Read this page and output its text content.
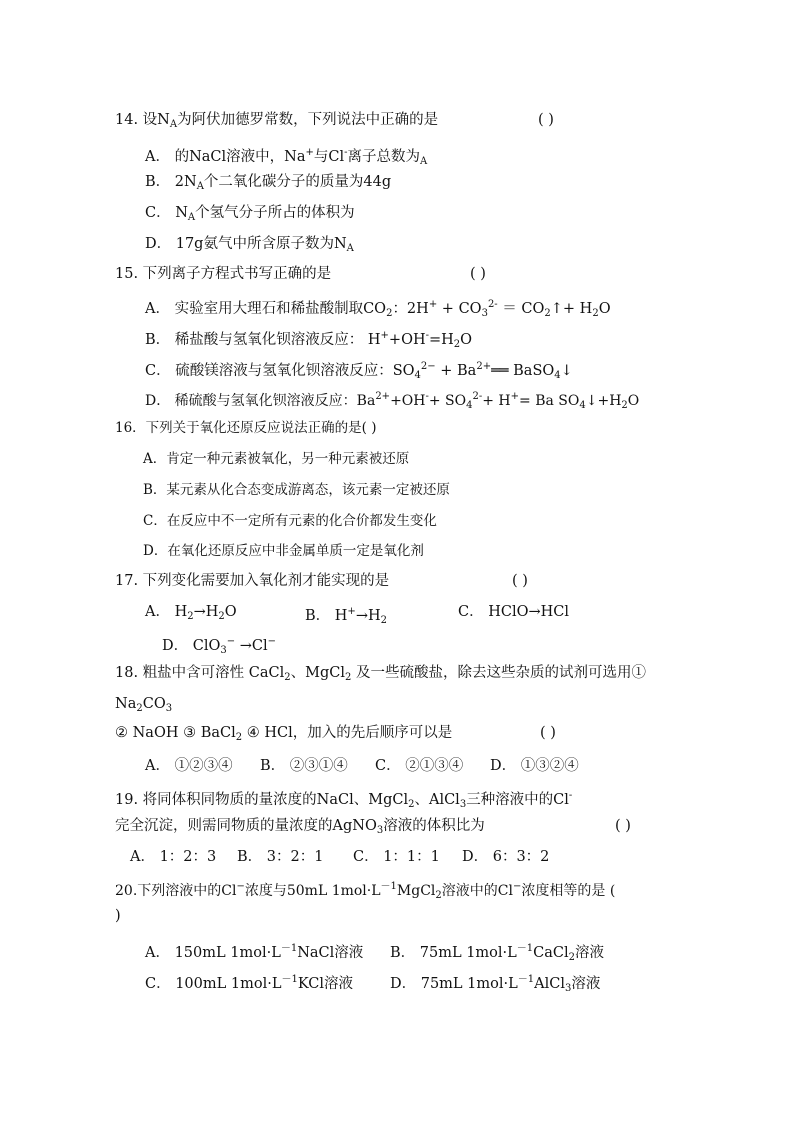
14. 设$N_A$为阿伏加德罗常数，下列说法中正确的是	( )
A． 的NaCl溶液中，Na+与Cl-离子总数为$_A$
B． $2N_A$个二氧化碳分子的质量为44g
C． $N_A$个氢气分子所占的体积为
D． 17g氨气中所含原子数为$N_A$
15. 下列离子方程式书写正确的是	( )
A． 实验室用大理石和稀盐酸制取$CO_2$：$2H^+ + CO_3^{2-}$ ＝ $CO_2↑+ H_2O$
B． 稀盐酸与氢氧化钡溶液反应： $H^++OH^-=H_2O$
C． 硫酸镁溶液与氢氧化钡溶液反应：$SO_4^{2-}$ + $Ba^{2+}══$ BaSO$_4$↓
D． 稀硫酸与氢氧化钡溶液反应：$Ba^{2+}+OH^-+ SO_4^{2-}+ H^+= Ba$ $SO_4↓+H_2O$
16．下列关于氧化还原反应说法正确的是( )
A．肯定一种元素被氧化，另一种元素被还原
B．某元素从化合态变成游离态，该元素一定被还原
C．在反应中不一定所有元素的化合价都发生变化
D．在氧化还原反应中非金属单质一定是氧化剂
17. 下列变化需要加入氧化剂才能实现的是	( )
A． $H_2\to H_2O$	B． $H^+\to H_2$
C． HClO→HCl
D． ClO$_3$− →Cl−
18. 粗盐中含可溶性 CaCl$_2$、MgCl$_2$ 及一些硫酸盐，除去这些杂质的试剂可选用①
$Na_2CO_3$
② NaOH ③ BaCl$_2$ ④ HCl，加入的先后顺序可以是	( )
A． ①②③④ B． ②③①④ C． ②①③④ D． ①③②④
19. 将同体积同物质的量浓度的NaCl、MgCl$_2$、AlCl$_3$三种溶液中的Cl-
完全沉淀，则需同物质的量浓度的AgNO$_3$溶液的体积比为	( )
A． 1：2：3 B． 3：2：1 C． 1：1：1 D． 6：3：2
20.下列溶液中的Cl−浓度与50mL $1mol\cdot L^{-1}MgCl_2$溶液中的Cl−浓度相等的是 (
)
A． 150mL $1mol\cdot L^{-1}NaCl$溶液 B． 75mL $1mol\cdot L^{-1}CaCl_2$溶液
C． 100mL $1mol\cdot L^{-1}KCl$溶液	D． 75mL $1mol\cdot L^{-1}AlCl_3$溶液
